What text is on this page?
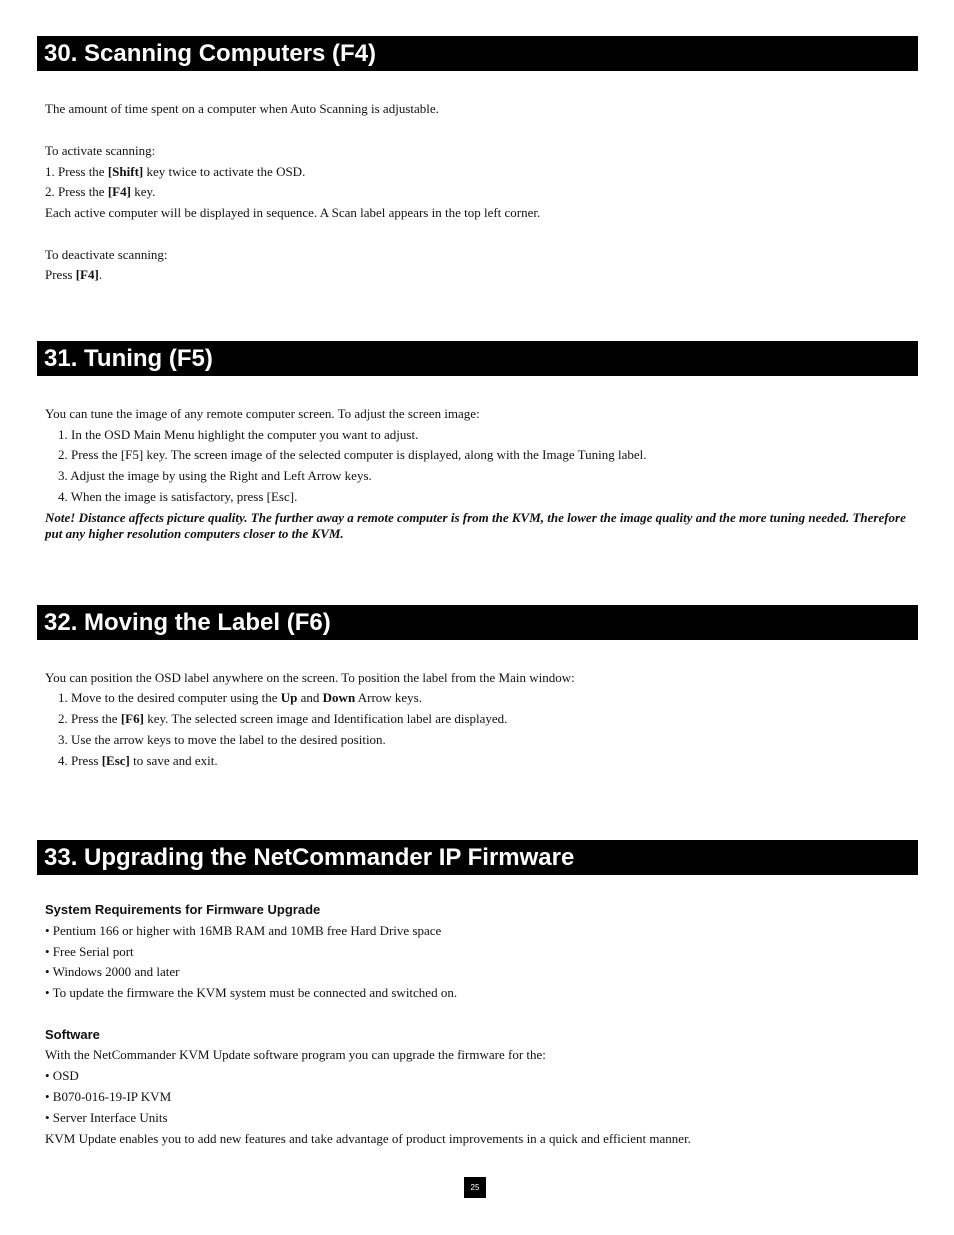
30. Scanning Computers (F4)
The amount of time spent on a computer when Auto Scanning is adjustable.
To activate scanning:
1. Press the [Shift] key twice to activate the OSD.
2. Press the [F4] key.
Each active computer will be displayed in sequence. A Scan label appears in the top left corner.
To deactivate scanning:
Press [F4].
31. Tuning (F5)
You can tune the image of any remote computer screen. To adjust the screen image:
1. In the OSD Main Menu highlight the computer you want to adjust.
2. Press the [F5] key. The screen image of the selected computer is displayed, along with the Image Tuning label.
3. Adjust the image by using the Right and Left Arrow keys.
4. When the image is satisfactory, press [Esc].
Note! Distance affects picture quality. The further away a remote computer is from the KVM, the lower the image quality and the more tuning needed. Therefore put any higher resolution computers closer to the KVM.
32. Moving the Label (F6)
You can position the OSD label anywhere on the screen. To position the label from the Main window:
1. Move to the desired computer using the Up and Down Arrow keys.
2. Press the [F6] key. The selected screen image and Identification label are displayed.
3. Use the arrow keys to move the label to the desired position.
4. Press [Esc] to save and exit.
33. Upgrading the NetCommander IP Firmware
System Requirements for Firmware Upgrade
• Pentium 166 or higher with 16MB RAM and 10MB free Hard Drive space
• Free Serial port
• Windows 2000 and later
• To update the firmware the KVM system must be connected and switched on.
Software
With the NetCommander KVM Update software program you can upgrade the firmware for the:
• OSD
• B070-016-19-IP KVM
• Server Interface Units
KVM Update enables you to add new features and take advantage of product improvements in a quick and efficient manner.
25
